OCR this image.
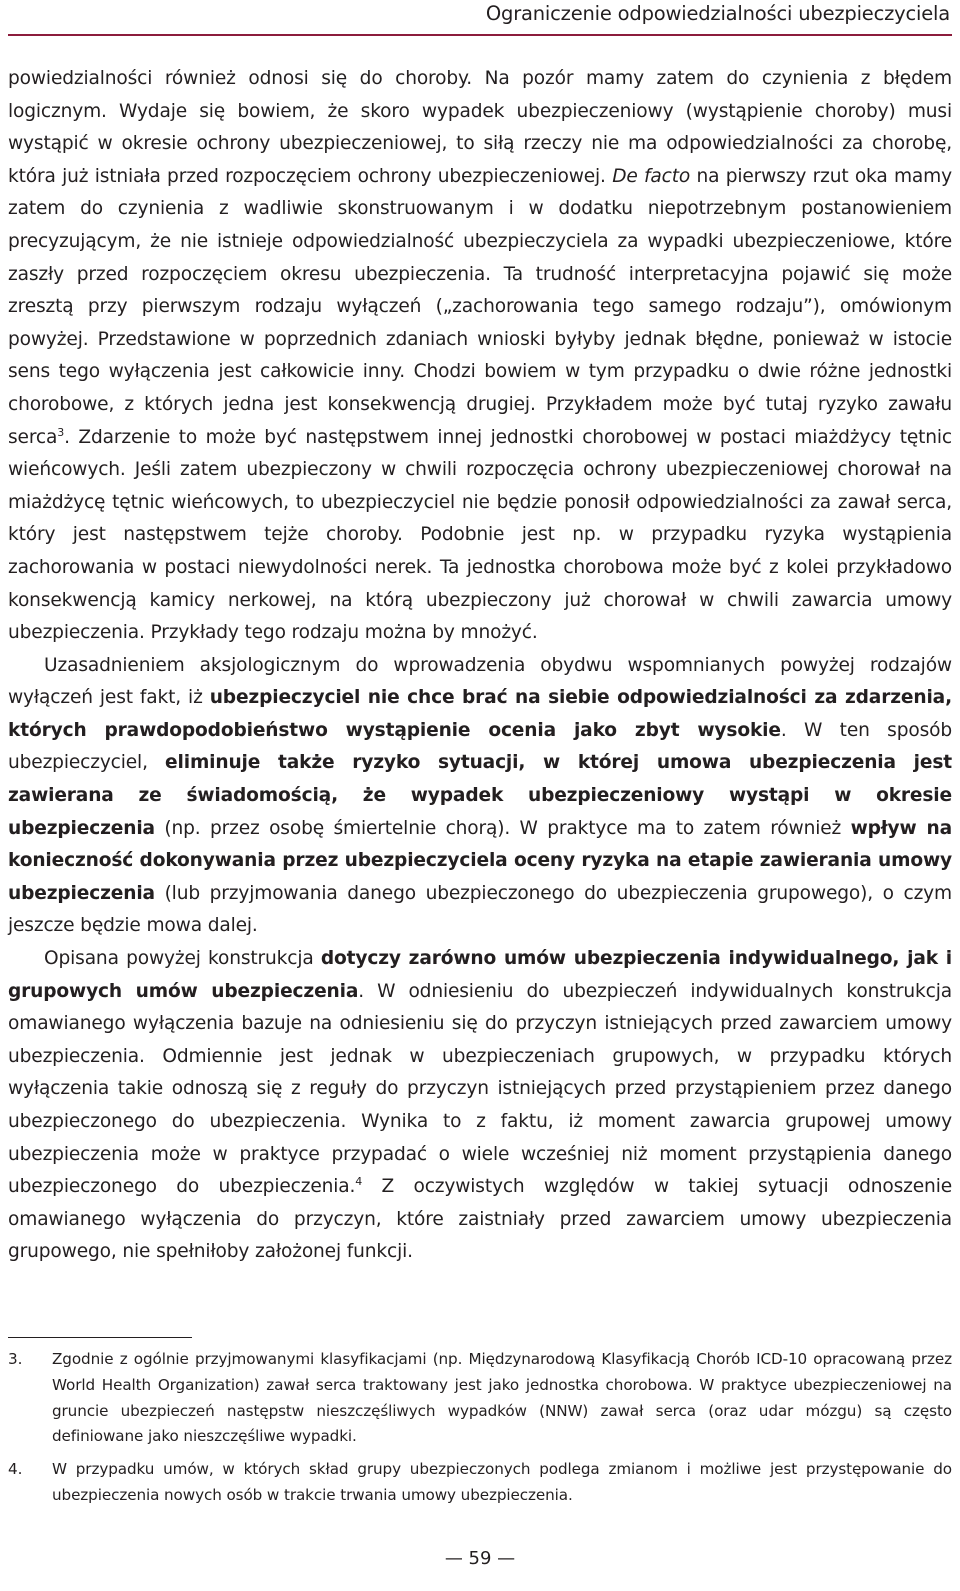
Ograniczenie odpowiedzialności ubezpieczyciela

powiedzialności również odnosi się do choroby. Na pozór mamy zatem do czynienia z błędem logicznym. Wydaje się bowiem, że skoro wypadek ubezpieczeniowy (wystąpienie choroby) musi wystąpić w okresie ochrony ubezpieczeniowej, to siłą rzeczy nie ma odpowiedzialności za chorobę, która już istniała przed rozpoczęciem ochrony ubezpieczeniowej. De facto na pierwszy rzut oka mamy zatem do czynienia z wadliwie skonstruowanym i w dodatku niepotrzebnym postanowieniem precyzującym, że nie istnieje odpowiedzialność ubezpieczyciela za wypadki ubezpieczeniowe, które zaszły przed rozpoczęciem okresu ubezpieczenia. Ta trudność interpretacyjna pojawić się może zresztą przy pierwszym rodzaju wyłączeń („zachorowania tego samego rodzaju”), omówionym powyżej. Przedstawione w poprzednich zdaniach wnioski byłyby jednak błędne, ponieważ w istocie sens tego wyłączenia jest całkowicie inny. Chodzi bowiem w tym przypadku o dwie różne jednostki chorobowe, z których jedna jest konsekwencją drugiej. Przykładem może być tutaj ryzyko zawału serca$^3$. Zdarzenie to może być następstwem innej jednostki chorobowej w postaci miażdżycy tętnic wieńcowych. Jeśli zatem ubezpieczony w chwili rozpoczęcia ochrony ubezpieczeniowej chorował na miażdżycę tętnic wieńcowych, to ubezpieczyciel nie będzie ponosił odpowiedzialności za zawał serca, który jest następstwem tejże choroby. Podobnie jest np. w przypadku ryzyka wystąpienia zachorowania w postaci niewydolności nerek. Ta jednostka chorobowa może być z kolei przykładowo konsekwencją kamicy nerkowej, na którą ubezpieczony już chorował w chwili zawarcia umowy ubezpieczenia. Przykłady tego rodzaju można by mnożyć.

Uzasadnieniem aksjologicznym do wprowadzenia obydwu wspomnianych powyżej rodzajów wyłączeń jest fakt, iż ubezpieczyciel nie chce brać na siebie odpowiedzialności za zdarzenia, których prawdopodobieństwo wystąpienie ocenia jako zbyt wysokie. W ten sposób ubezpieczyciel, eliminuje także ryzyko sytuacji, w której umowa ubezpieczenia jest zawierana ze świadomością, że wypadek ubezpieczeniowy wystąpi w okresie ubezpieczenia (np. przez osobę śmiertelnie chorą). W praktyce ma to zatem również wpływ na konieczność dokonywania przez ubezpieczyciela oceny ryzyka na etapie zawierania umowy ubezpieczenia (lub przyjmowania danego ubezpieczonego do ubezpieczenia grupowego), o czym jeszcze będzie mowa dalej.

Opisana powyżej konstrukcja dotyczy zarówno umów ubezpieczenia indywidualnego, jak i grupowych umów ubezpieczenia. W odniesieniu do ubezpieczeń indywidualnych konstrukcja omawianego wyłączenia bazuje na odniesieniu się do przyczyn istniejących przed zawarciem umowy ubezpieczenia. Odmiennie jest jednak w ubezpieczeniach grupowych, w przypadku których wyłączenia takie odnoszą się z reguły do przyczyn istniejących przed przystąpieniem przez danego ubezpieczonego do ubezpieczenia. Wynika to z faktu, iż moment zawarcia grupowej umowy ubezpieczenia może w praktyce przypadać o wiele wcześniej niż moment przystąpienia danego ubezpieczonego do ubezpieczenia.$^4$ Z oczywistych względów w takiej sytuacji odnoszenie omawianego wyłączenia do przyczyn, które zaistniały przed zawarciem umowy ubezpieczenia grupowego, nie spełniłoby założonej funkcji.

3. Zgodnie z ogólnie przyjmowanymi klasyfikacjami (np. Międzynarodową Klasyfikacją Chorób ICD-10 opracowaną przez World Health Organization) zawał serca traktowany jest jako jednostka chorobowa. W praktyce ubezpieczeniowej na gruncie ubezpieczeń następstw nieszczęśliwych wypadków (NNW) zawał serca (oraz udar mózgu) są często definiowane jako nieszczęśliwe wypadki.
4. W przypadku umów, w których skład grupy ubezpieczonych podlega zmianom i możliwe jest przystępowanie do ubezpieczenia nowych osób w trakcie trwania umowy ubezpieczenia.
— 59 —
